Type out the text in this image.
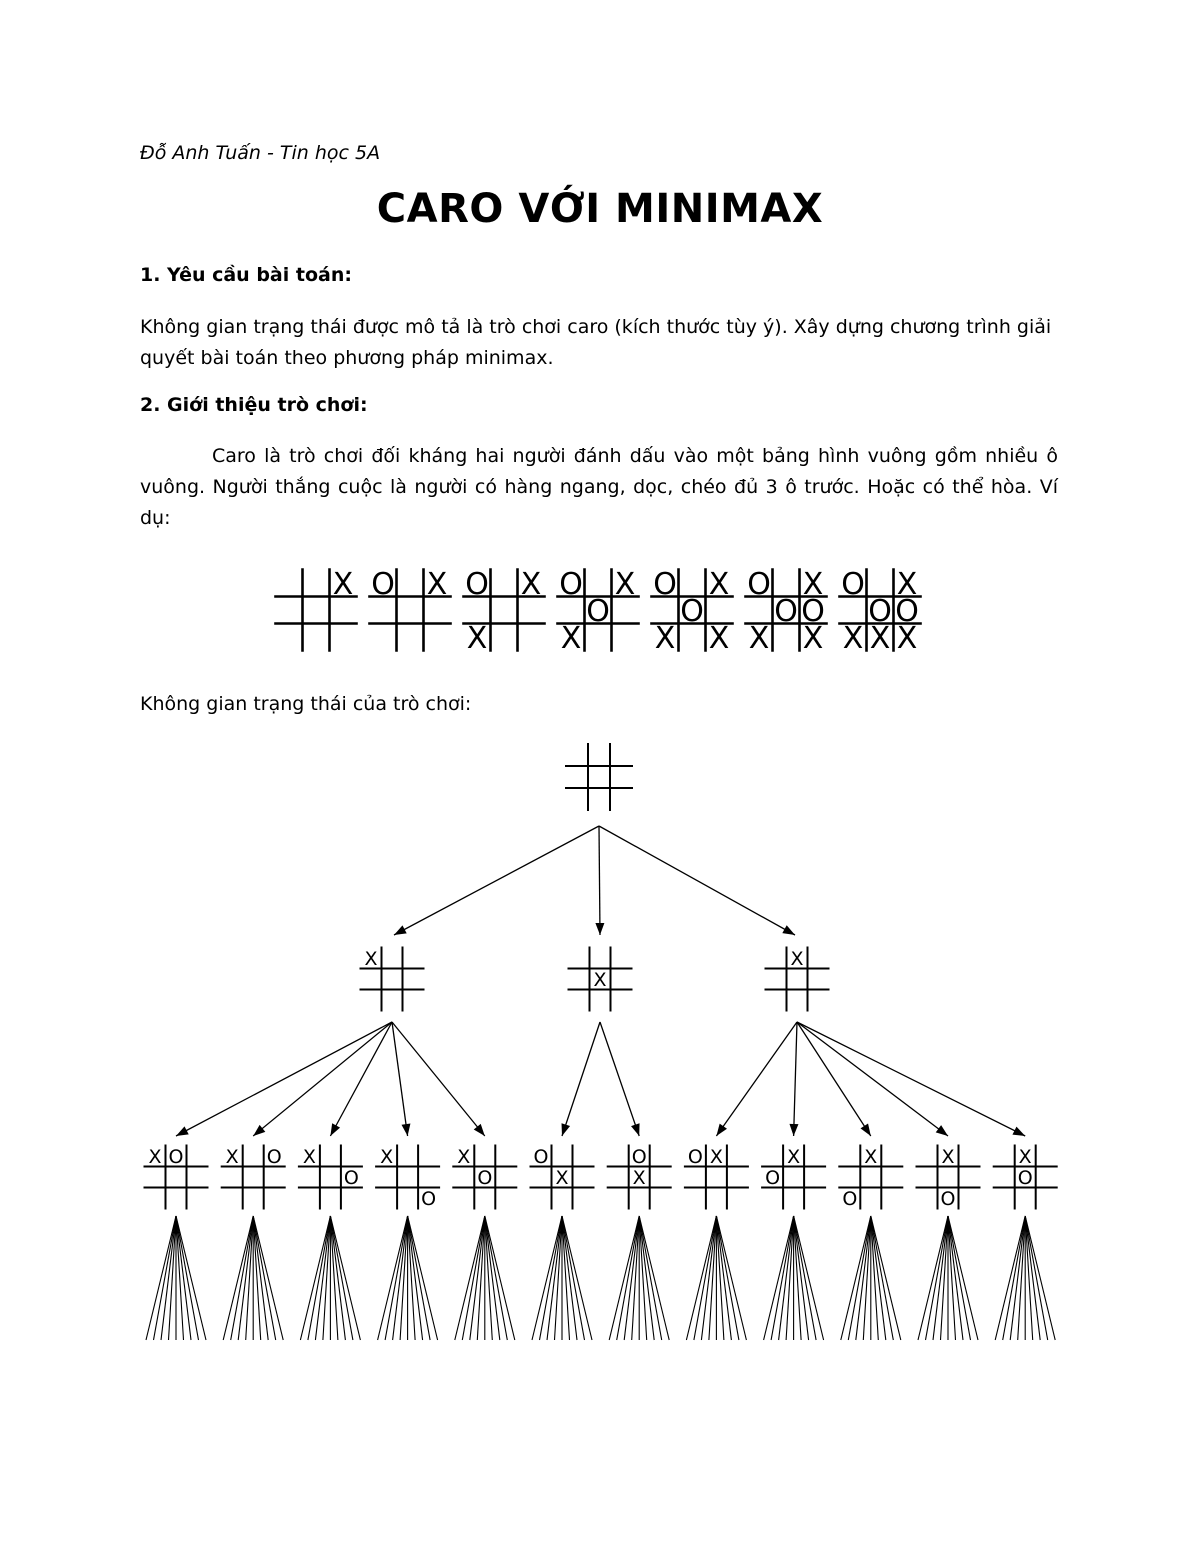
Đỗ Anh Tuấn - Tin học 5A
CARO VỚI MINIMAX
1. Yêu cầu bài toán:
Không gian trạng thái được mô tả là trò chơi caro (kích thước tùy ý). Xây dựng chương trình giải quyết bài toán theo phương pháp minimax.
2. Giới thiệu trò chơi:
Caro là trò chơi đối kháng hai người đánh dấu vào một bảng hình vuông gồm nhiều ô vuông. Người thắng cuộc là người có hàng ngang, dọc, chéo đủ 3 ô trước. Hoặc có thể hòa. Ví dụ:
X O X O X
X
O X
O
X
O X
O
X X
O X
O O
X X
O X
O O
X X X
Không gian trạng thái của trò chơi:
X
X
X
X O X O X
O
X
O
X
O
O
X
O
X
O X	X
O
X
O
X
O
X
O
